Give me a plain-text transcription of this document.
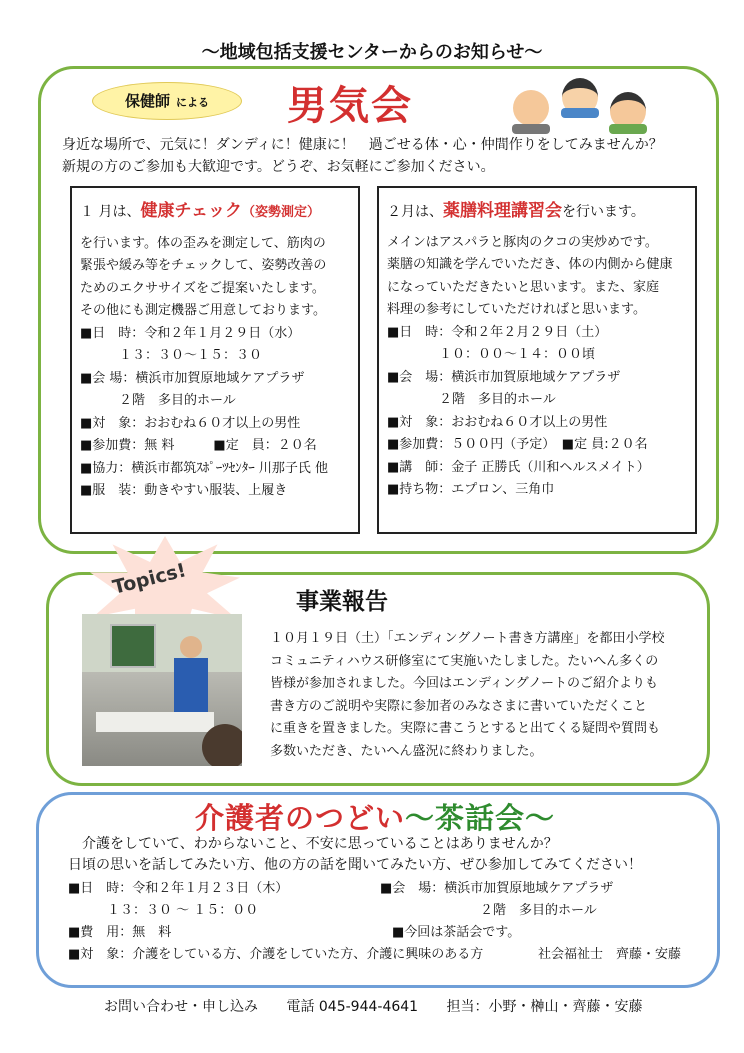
～地域包括支援センターからのお知らせ～
保健師 による	男気会
身近な場所で、元気に！ダンディに！健康に！　過ごせる体・心・仲間作りをしてみませんか？
新規の方のご参加も大歓迎です。どうぞ、お気軽にご参加ください。
１ 月は、健康チェック（姿勢測定）
を行います。体の歪みを測定して、筋肉の
緊張や緩み等をチェックして、姿勢改善の
ためのエクササイズをご提案いたします。
その他にも測定機器ご用意しております。
■日　時：令和２年１月２９日（水）
　　　１３：３０～１５：３０
■会 場：横浜市加賀原地域ケアプラザ
　　　２階　多目的ホール
■対　象：おおむね６０才以上の男性
■参加費：無 料　　　■定　員：２０名
■協力：横浜市都筑ｽﾎﾟｰﾂｾﾝﾀｰ 川那子氏 他
■服　装：動きやすい服装、上履き
２月は、薬膳料理講習会を行います。
メインはアスパラと豚肉のクコの実炒めです。
薬膳の知識を学んでいただき、体の内側から健康
になっていただきたいと思います。また、家庭
料理の参考にしていただければと思います。
■日　時：令和２年２月２９日（土）
　　　　１０：００～１４：００頃
■会　場：横浜市加賀原地域ケアプラザ
　　　　２階　多目的ホール
■対　象：おおむね６０才以上の男性
■参加費：５００円（予定）　■定 員:２０名
■講　師：金子 正勝氏（川和ヘルスメイト）
■持ち物：エプロン、三角巾
Topics!
事業報告
１０月１９日（土）「エンディングノート書き方講座」を都田小学校
コミュニティハウス研修室にて実施いたしました。たいへん多くの
皆様が参加されました。今回はエンディングノートのご紹介よりも
書き方のご説明や実際に参加者のみなさまに書いていただくこと
に重きを置きました。実際に書こうとすると出てくる疑問や質問も
多数いただき、たいへん盛況に終わりました。
介護者のつどい～茶話会～
　介護をしていて、わからないこと、不安に思っていることはありませんか？
日頃の思いを話してみたい方、他の方の話を聞いてみたい方、ぜひ参加してみてください！
■日　時：令和２年１月２３日（木）	■会　場：横浜市加賀原地域ケアプラザ
　　　１３：３０ ～ １５：００	２階　多目的ホール
■費　用：無　料	■今回は茶話会です。
■対　象：介護をしている方、介護をしていた方、介護に興味のある方	社会福祉士　齊藤・安藤
お問い合わせ・申し込み 電話 045-944-4641 担当：小野・榊山・齊藤・安藤
